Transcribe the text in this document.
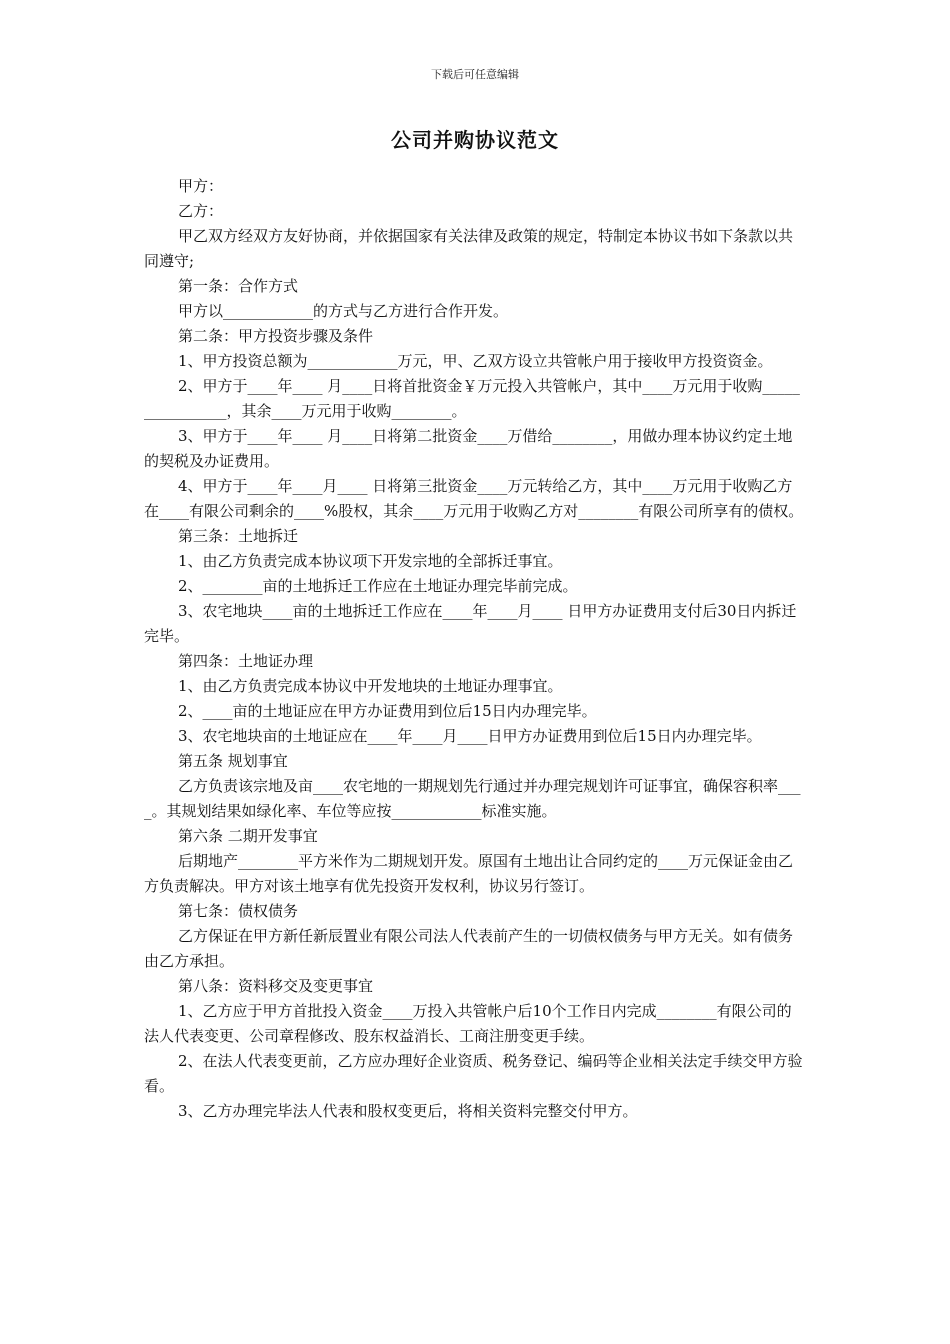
下载后可任意编辑
公司并购协议范文

甲方：

乙方：

甲乙双方经双方友好协商，并依据国家有关法律及政策的规定，特制定本协议书如下条款以共同遵守;

第一条：合作方式

甲方以____________的方式与乙方进行合作开发。

第二条：甲方投资步骤及条件

1、甲方投资总额为____________万元，甲、乙双方设立共管帐户用于接收甲方投资资金。

2、甲方于____年____ 月____日将首批资金￥万元投入共管帐户，其中____万元用于收购________________，其余____万元用于收购________。

3、甲方于____年____ 月____日将第二批资金____万借给________，用做办理本协议约定土地的契税及办证费用。

4、甲方于____年____月____ 日将第三批资金____万元转给乙方，其中____万元用于收购乙方在____有限公司剩余的____%股权，其余____万元用于收购乙方对________有限公司所享有的债权。

第三条：土地拆迁

1、由乙方负责完成本协议项下开发宗地的全部拆迁事宜。

2、________亩的土地拆迁工作应在土地证办理完毕前完成。

3、农宅地块____亩的土地拆迁工作应在____年____月____ 日甲方办证费用支付后30日内拆迁完毕。

第四条：土地证办理

1、由乙方负责完成本协议中开发地块的土地证办理事宜。

2、____亩的土地证应在甲方办证费用到位后15日内办理完毕。

3、农宅地块亩的土地证应在____年____月____日甲方办证费用到位后15日内办理完毕。

第五条 规划事宜

乙方负责该宗地及亩____农宅地的一期规划先行通过并办理完规划许可证事宜，确保容积率____。其规划结果如绿化率、车位等应按____________标准实施。

第六条 二期开发事宜

后期地产________平方米作为二期规划开发。原国有土地出让合同约定的____万元保证金由乙方负责解决。甲方对该土地享有优先投资开发权利，协议另行签订。

第七条：债权债务

乙方保证在甲方新任新辰置业有限公司法人代表前产生的一切债权债务与甲方无关。如有债务由乙方承担。

第八条：资料移交及变更事宜

1、乙方应于甲方首批投入资金____万投入共管帐户后10个工作日内完成________有限公司的法人代表变更、公司章程修改、股东权益消长、工商注册变更手续。

2、在法人代表变更前，乙方应办理好企业资质、税务登记、编码等企业相关法定手续交甲方验看。

3、乙方办理完毕法人代表和股权变更后，将相关资料完整交付甲方。
